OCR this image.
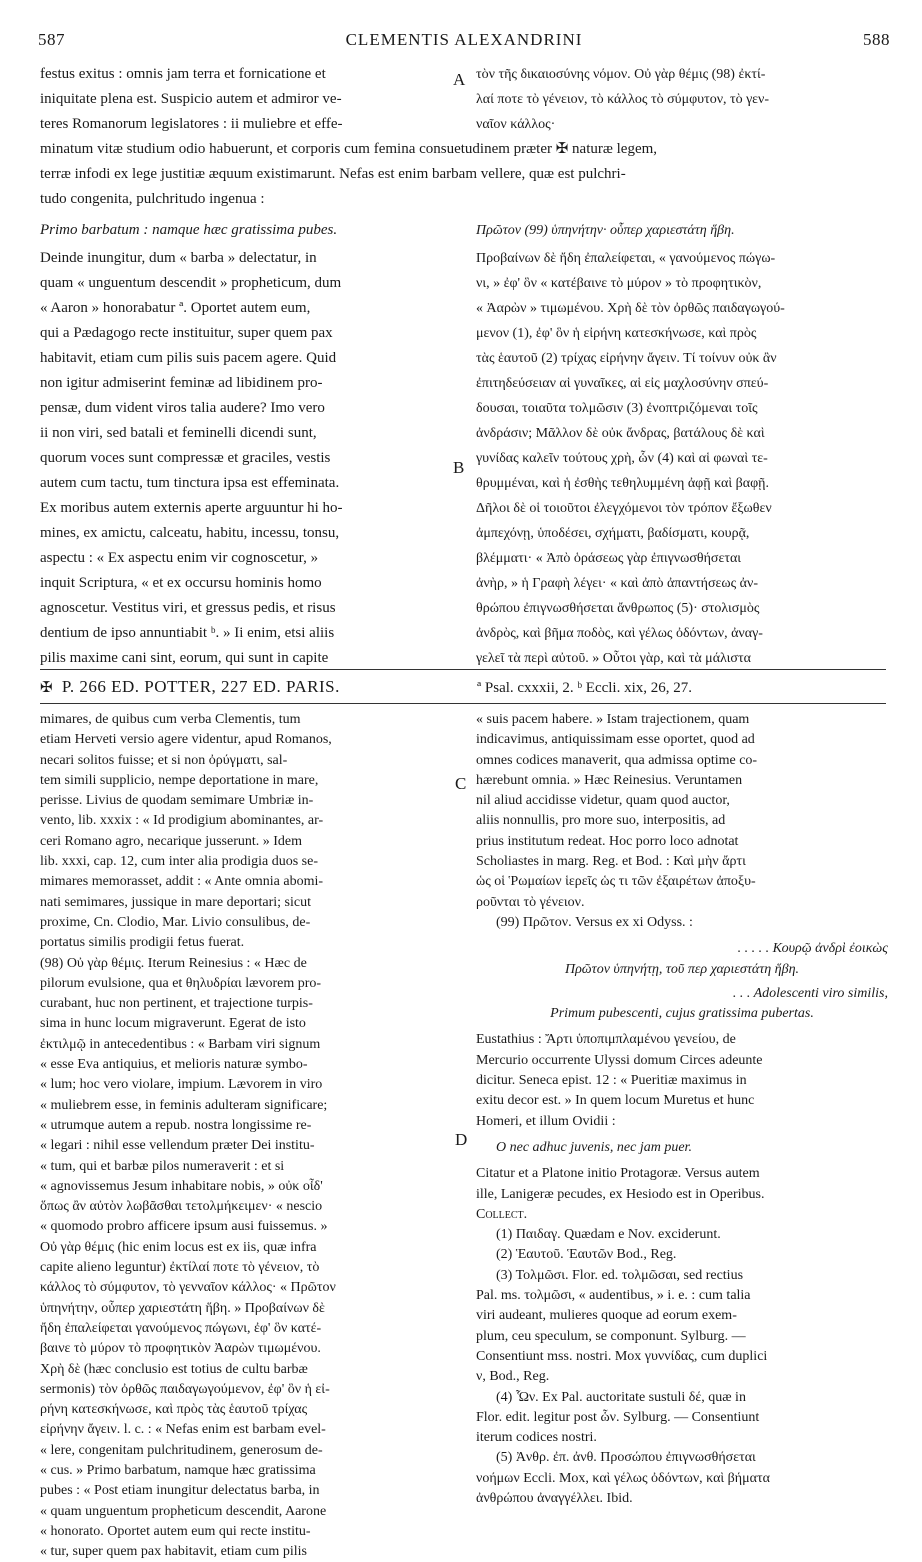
587	CLEMENTIS ALEXANDRINI	588
festus exitus : omnis jam terra et fornicatione et
iniquitate plena est. Suspicio autem et admiror ve-
teres Romanorum legislatores : ii muliebre et effe-
τὸν τῆς δικαιοσύνης νόμον. Οὐ γὰρ θέμις (98) ἐκτί-
λαί ποτε τὸ γένειον, τὸ κάλλος τὸ σύμφυτον, τὸ γεν-
ναῖον κάλλος·
A
minatum vitæ studium odio habuerunt, et corporis cum femina consuetudinem præter ✠ naturæ legem,
terræ infodi ex lege justitiæ æquum existimarunt. Nefas est enim barbam vellere, quæ est pulchri-
tudo congenita, pulchritudo ingenua :
Primo barbatum : namque hæc gratissima pubes.	Πρῶτον (99) ὑπηνήτην· οὗπερ χαριεστάτη ἥβη.
Deinde inungitur, dum « barba » delectatur, in
quam « unguentum descendit » propheticum, dum
« Aaron » honorabatur ª. Oportet autem eum,
qui a Pædagogo recte instituitur, super quem pax
habitavit, etiam cum pilis suis pacem agere. Quid
non igitur admiserint feminæ ad libidinem pro-
pensæ, dum vident viros talia audere? Imo vero
ii non viri, sed batali et feminelli dicendi sunt,
quorum voces sunt compressæ et graciles, vestis
autem cum tactu, tum tinctura ipsa est effeminata.
Ex moribus autem externis aperte arguuntur hi ho-
mines, ex amictu, calceatu, habitu, incessu, tonsu,
aspectu : « Ex aspectu enim vir cognoscetur, »
inquit Scriptura, « et ex occursu hominis homo
agnoscetur. Vestitus viri, et gressus pedis, et risus
dentium de ipso annuntiabit ᵇ. » Ii enim, etsi aliis
pilis maxime cani sint, eorum, qui sunt in capite
Προβαίνων δὲ ἤδη ἐπαλείφεται, « γανούμενος πώγω-
νι, » ἐφ' ὃν « κατέβαινε τὸ μύρον » τὸ προφητικὸν,
« Ἀαρὼν » τιμωμένου. Χρὴ δὲ τὸν ὀρθῶς παιδαγωγού-
μενον (1), ἐφ' ὃν ἡ εἰρήνη κατεσκήνωσε, καὶ πρὸς
τὰς ἑαυτοῦ (2) τρίχας εἰρήνην ἄγειν. Τί τοίνυν οὐκ ἂν
ἐπιτηδεύσειαν αἱ γυναῖκες, αἱ εἰς μαχλοσύνην σπεύ-
δουσαι, τοιαῦτα τολμῶσιν (3) ἐνοπτριζόμεναι τοῖς
ἀνδράσιν; Μᾶλλον δὲ οὐκ ἄνδρας, βατάλους δὲ καὶ
γυνίδας καλεῖν τούτους χρὴ, ὧν (4) καὶ αἱ φωναὶ τε-
θρυμμέναι, καὶ ἡ ἐσθὴς τεθηλυμμένη ἀφῇ καὶ βαφῇ.
Δῆλοι δὲ οἱ τοιοῦτοι ἐλεγχόμενοι τὸν τρόπον ἔξωθεν
ἀμπεχόνῃ, ὑποδέσει, σχήματι, βαδίσματι, κουρᾷ,
βλέμματι· « Ἀπὸ ὁράσεως γὰρ ἐπιγνωσθήσεται
ἀνὴρ, » ἡ Γραφὴ λέγει· « καὶ ἀπὸ ἀπαντήσεως ἀν-
θρώπου ἐπιγνωσθήσεται ἄνθρωπος (5)· στολισμὸς
ἀνδρὸς, καὶ βῆμα ποδὸς, καὶ γέλως ὀδόντων, ἀναγ-
γελεῖ τὰ περὶ αὐτοῦ. » Οὗτοι γὰρ, καὶ τὰ μάλιστα
B
✠ P. 266 ED. POTTER, 227 ED. PARIS.	ª Psal. cxxxii, 2. ᵇ Eccli. xix, 26, 27.
mimares, de quibus cum verba Clementis, tum
etiam Herveti versio agere videntur, apud Romanos,
necari solitos fuisse; et si non ὀρύγματι, sal-
tem simili supplicio, nempe deportatione in mare,
perisse. Livius de quodam semimare Umbriæ in-
vento, lib. xxxix : « Id prodigium abominantes, ar-
ceri Romano agro, necarique jusserunt. » Idem
lib. xxxi, cap. 12, cum inter alia prodigia duos se-
mimares memorasset, addit : « Ante omnia abomi-
nati semimares, jussique in mare deportari; sicut
proxime, Cn. Clodio, Mar. Livio consulibus, de-
portatus similis prodigii fetus fuerat.
(98) Οὐ γὰρ θέμις. Iterum Reinesius : « Hæc de
pilorum evulsione, qua et θηλυδρίαι lævorem pro-
curabant, huc non pertinent, et trajectione turpis-
sima in hunc locum migraverunt. Egerat de isto
ἐκτιλμῷ in antecedentibus : « Barbam viri signum
« esse Eva antiquius, et melioris naturæ symbo-
« lum; hoc vero violare, impium. Lævorem in viro
« muliebrem esse, in feminis adulteram significare;
« utrumque autem a repub. nostra longissime re-
« legari : nihil esse vellendum præter Dei institu-
« tum, qui et barbæ pilos numeraverit : et si
« agnovissemus Jesum inhabitare nobis, » οὐκ οἶδ'
ὅπως ἂν αὐτὸν λωβᾶσθαι τετολμήκειμεν· « nescio
« quomodo probro afficere ipsum ausi fuissemus. »
Οὐ γὰρ θέμις (hic enim locus est ex iis, quæ infra
capite alieno leguntur) ἐκτίλαί ποτε τὸ γένειον, τὸ
κάλλος τὸ σύμφυτον, τὸ γενναῖον κάλλος· « Πρῶτον
ὑπηνήτην, οὗπερ χαριεστάτη ἥβη. » Προβαίνων δὲ
ἤδη ἐπαλείφεται γανούμενος πώγωνι, ἐφ' ὃν κατέ-
βαινε τὸ μύρον τὸ προφητικὸν Ἀαρὼν τιμωμένου.
Χρὴ δὲ (hæc conclusio est totius de cultu barbæ
sermonis) τὸν ὀρθῶς παιδαγωγούμενον, ἐφ' ὃν ἡ εἰ-
ρήνη κατεσκήνωσε, καὶ πρὸς τὰς ἑαυτοῦ τρίχας
εἰρήνην ἄγειν. l. c. : « Nefas enim est barbam evel-
« lere, congenitam pulchritudinem, generosum de-
« cus. » Primo barbatum, namque hæc gratissima
pubes : « Post etiam inungitur delectatus barba, in
« quam unguentum propheticum descendit, Aarone
« honorato. Oportet autem eum qui recte institu-
« tur, super quem pax habitavit, etiam cum pilis
« suis pacem habere. » Istam trajectionem, quam
indicavimus, antiquissimam esse oportet, quod ad
omnes codices manaverit, qua admissa optime co-
hærebunt omnia. » Hæc Reinesius. Veruntamen
nil aliud accidisse videtur, quam quod auctor,
aliis nonnullis, pro more suo, interpositis, ad
prius institutum redeat. Hoc porro loco adnotat
Scholiastes in marg. Reg. et Bod. : Καὶ μὴν ἄρτι
ὡς οἱ Ῥωμαίων ἱερεῖς ὡς τι τῶν ἐξαιρέτων ἀποξυ-
ροῦνται τὸ γένειον.
(99) Πρῶτον. Versus ex xi Odyss. :
. . . . . Κουρῷ ἀνδρὶ ἐοικὼς
Πρῶτον ὑπηνήτῃ, τοῦ περ χαριεστάτη ἥβη.
. . . Adolescenti viro similis,
Primum pubescenti, cujus gratissima pubertas.
Eustathius : Ἄρτι ὑποπιμπλαμένου γενείου, de
Mercurio occurrente Ulyssi domum Circes adeunte
dicitur. Seneca epist. 12 : « Pueritiæ maximus in
exitu decor est. » In quem locum Muretus et hunc
Homeri, et illum Ovidii :
O nec adhuc juvenis, nec jam puer.
Citatur et a Platone initio Protagoræ. Versus autem
ille, Lanigeræ pecudes, ex Hesiodo est in Operibus.
Collect.
(1) Παιδαγ. Quædam e Nov. exciderunt.
(2) Ἑαυτοῦ. Ἑαυτῶν Bod., Reg.
(3) Τολμῶσι. Flor. ed. τολμῶσαι, sed rectius
Pal. ms. τολμῶσι, « audentibus, » i. e. : cum talia
viri audeant, mulieres quoque ad eorum exem-
plum, ceu speculum, se componunt. Sylburg. —
Consentiunt mss. nostri. Mox γυννίδας, cum duplici
ν, Bod., Reg.
(4) Ὧν. Ex Pal. auctoritate sustuli δέ, quæ in
Flor. edit. legitur post ὧν. Sylburg. — Consentiunt
iterum codices nostri.
(5) Ἀνθρ. ἐπ. ἀνθ. Προσώπου ἐπιγνωσθήσεται
νοήμων Eccli. Mox, καὶ γέλως ὀδόντων, καὶ βήματα
ἀνθρώπου ἀναγγέλλει. Ibid.
C
D
